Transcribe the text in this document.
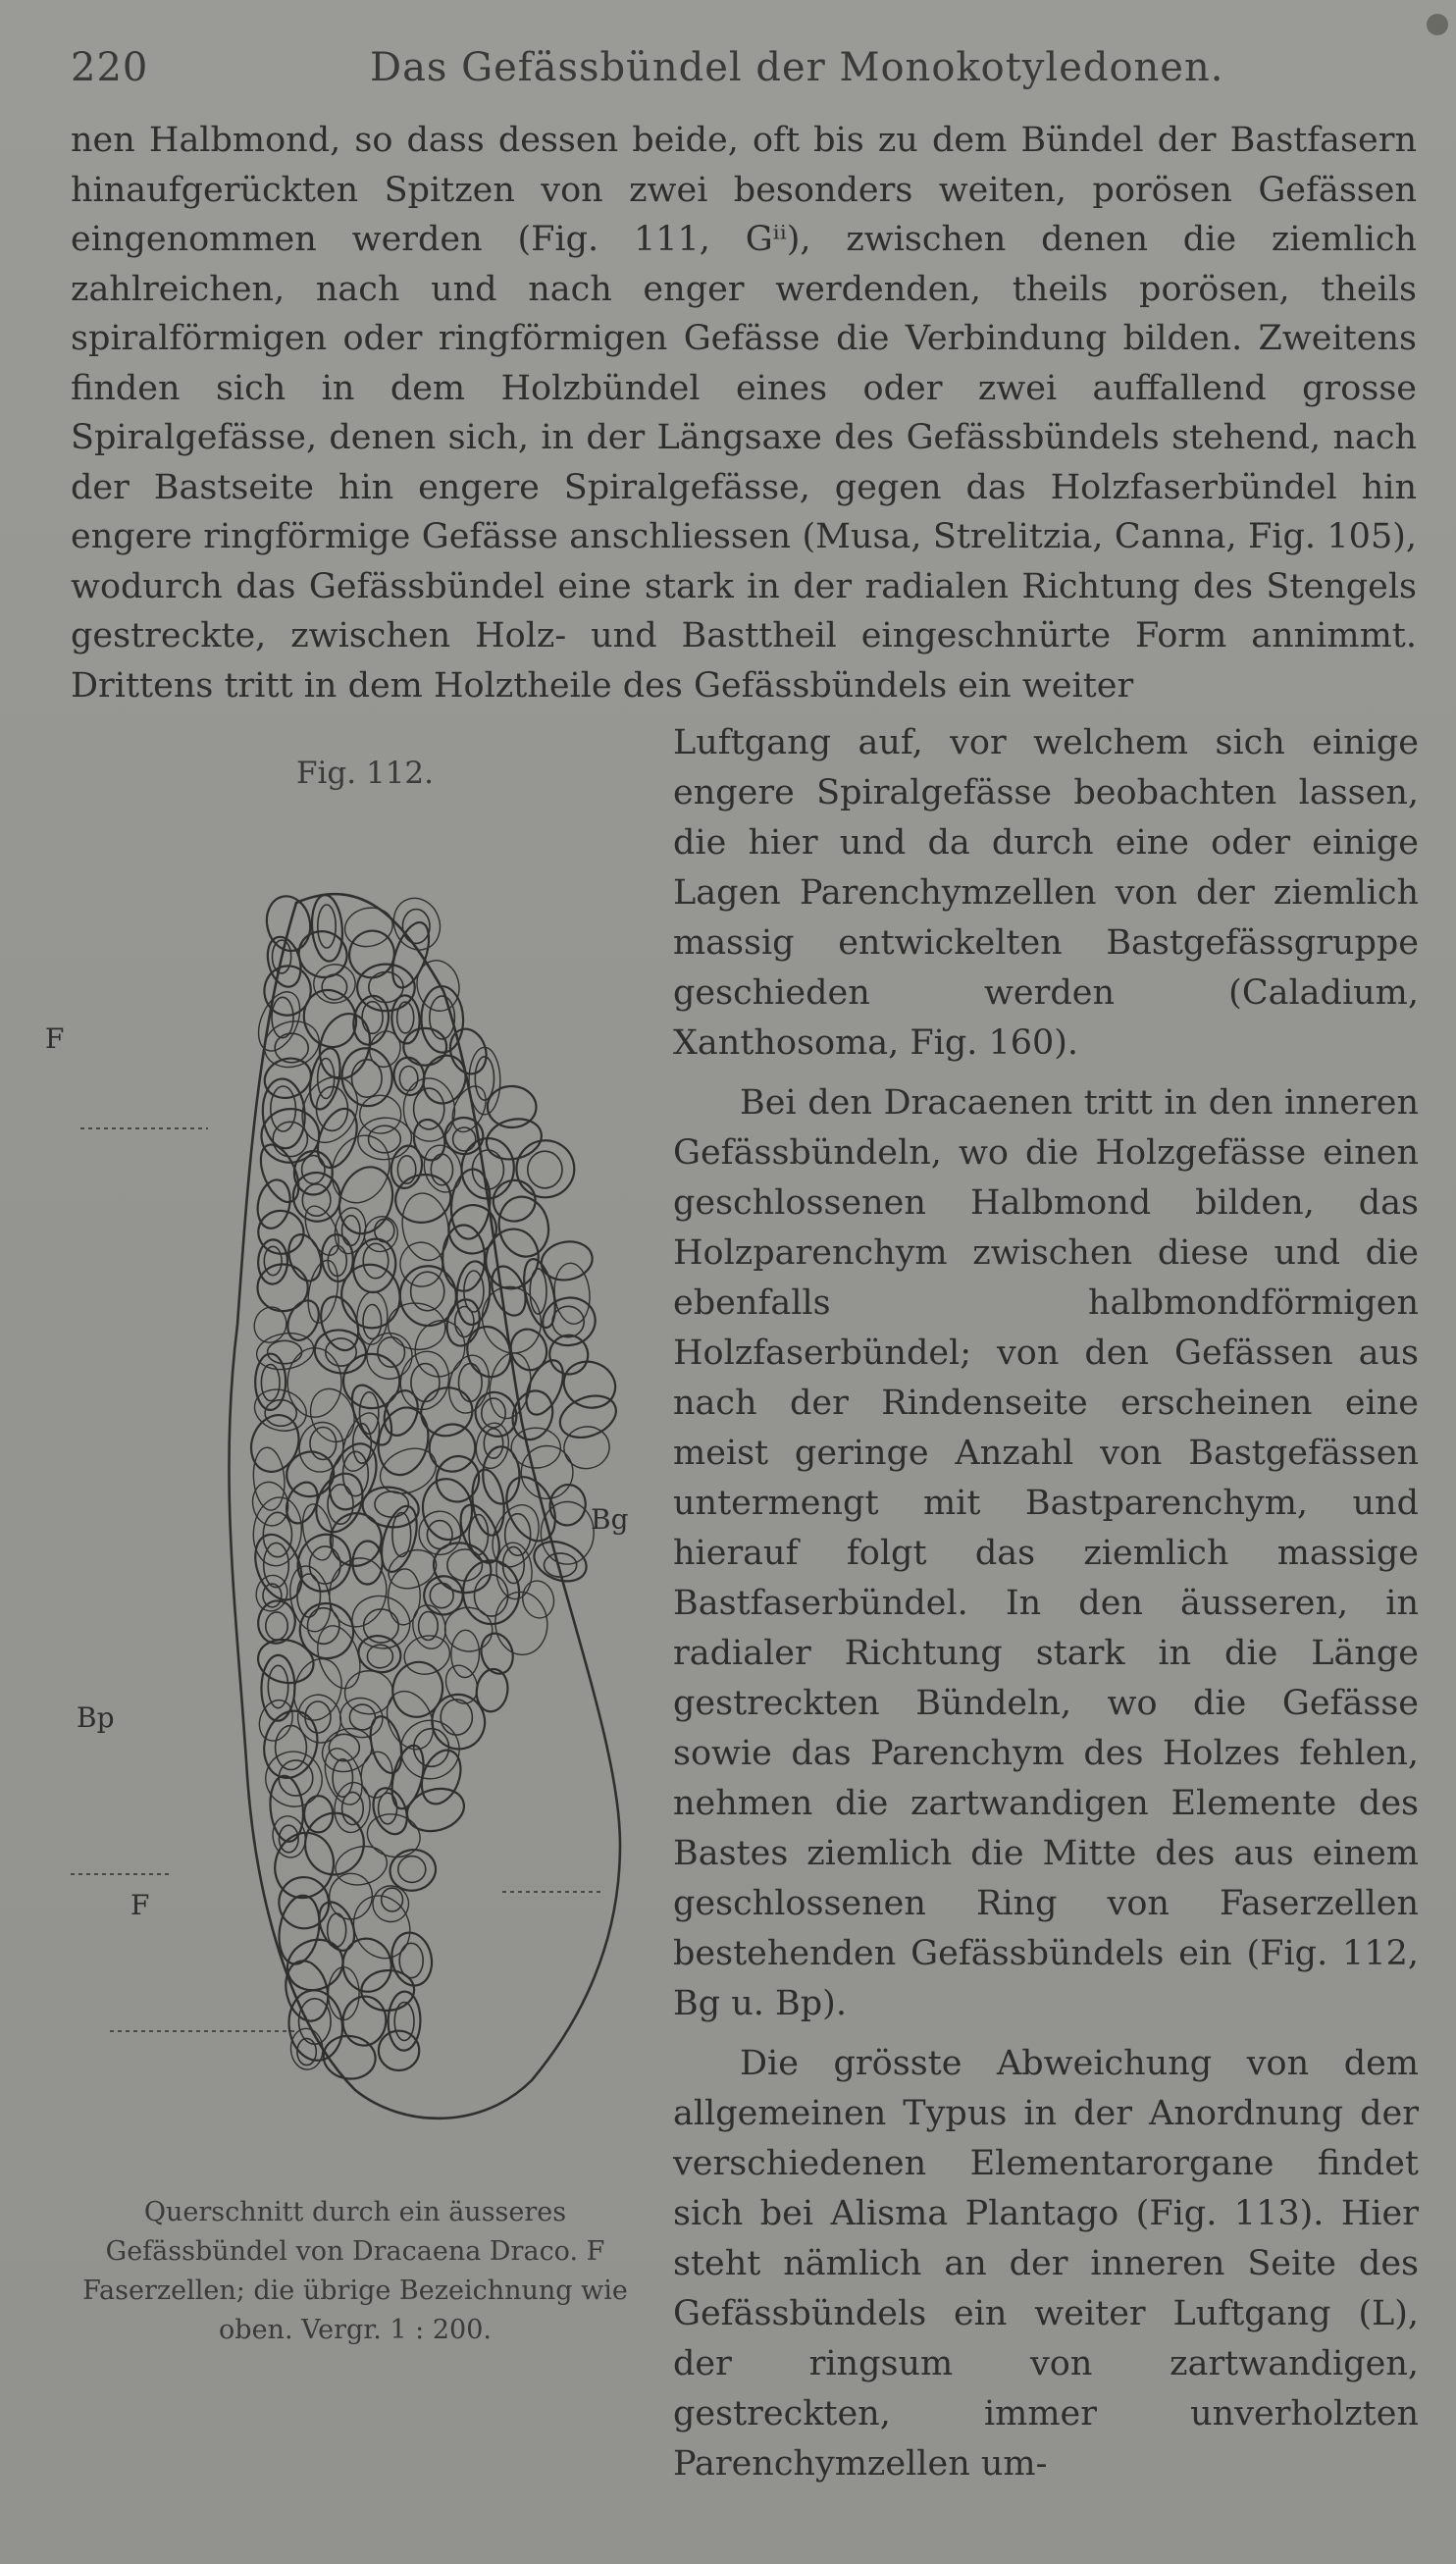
220	Das Gefässbündel der Monokotyledonen.

nen Halbmond, so dass dessen beide, oft bis zu dem Bündel der Bastfasern hinaufgerückten Spitzen von zwei besonders weiten, porösen Gefässen eingenommen werden (Fig. 111, Gⁱⁱ), zwischen denen die ziemlich zahlreichen, nach und nach enger werdenden, theils porösen, theils spiralförmigen oder ringförmigen Gefässe die Verbindung bilden. Zweitens finden sich in dem Holzbündel eines oder zwei auffallend grosse Spiralgefässe, denen sich, in der Längsaxe des Gefässbündels stehend, nach der Bastseite hin engere Spiralgefässe, gegen das Holzfaserbündel hin engere ringförmige Gefässe anschliessen (Musa, Strelitzia, Canna, Fig. 105), wodurch das Gefässbündel eine stark in der radialen Richtung des Stengels gestreckte, zwischen Holz- und Basttheil eingeschnürte Form annimmt. Drittens tritt in dem Holztheile des Gefässbündels ein weiter

Fig. 112.
Querschnitt durch ein äusseres Gefässbündel von Dracaena Draco. F Faserzellen; die übrige Bezeichnung wie oben. Vergr. 1 : 200.
F
Bg
Bp
F

Luftgang auf, vor welchem sich einige engere Spiralgefässe beobachten lassen, die hier und da durch eine oder einige Lagen Parenchymzellen von der ziemlich massig entwickelten Bastgefässgruppe geschieden werden (Caladium, Xanthosoma, Fig. 160).

Bei den Dracaenen tritt in den inneren Gefässbündeln, wo die Holzgefässe einen geschlossenen Halbmond bilden, das Holzparenchym zwischen diese und die ebenfalls halbmondförmigen Holzfaserbündel; von den Gefässen aus nach der Rindenseite erscheinen eine meist geringe Anzahl von Bastgefässen untermengt mit Bastparenchym, und hierauf folgt das ziemlich massige Bastfaserbündel. In den äusseren, in radialer Richtung stark in die Länge gestreckten Bündeln, wo die Gefässe sowie das Parenchym des Holzes fehlen, nehmen die zartwandigen Elemente des Bastes ziemlich die Mitte des aus einem geschlossenen Ring von Faserzellen bestehenden Gefässbündels ein (Fig. 112, Bg u. Bp).

Die grösste Abweichung von dem allgemeinen Typus in der Anordnung der verschiedenen Elementarorgane findet sich bei Alisma Plantago (Fig. 113). Hier steht nämlich an der inneren Seite des Gefässbündels ein weiter Luftgang (L), der ringsum von zartwandigen, gestreckten, immer unverholzten Parenchymzellen um-
